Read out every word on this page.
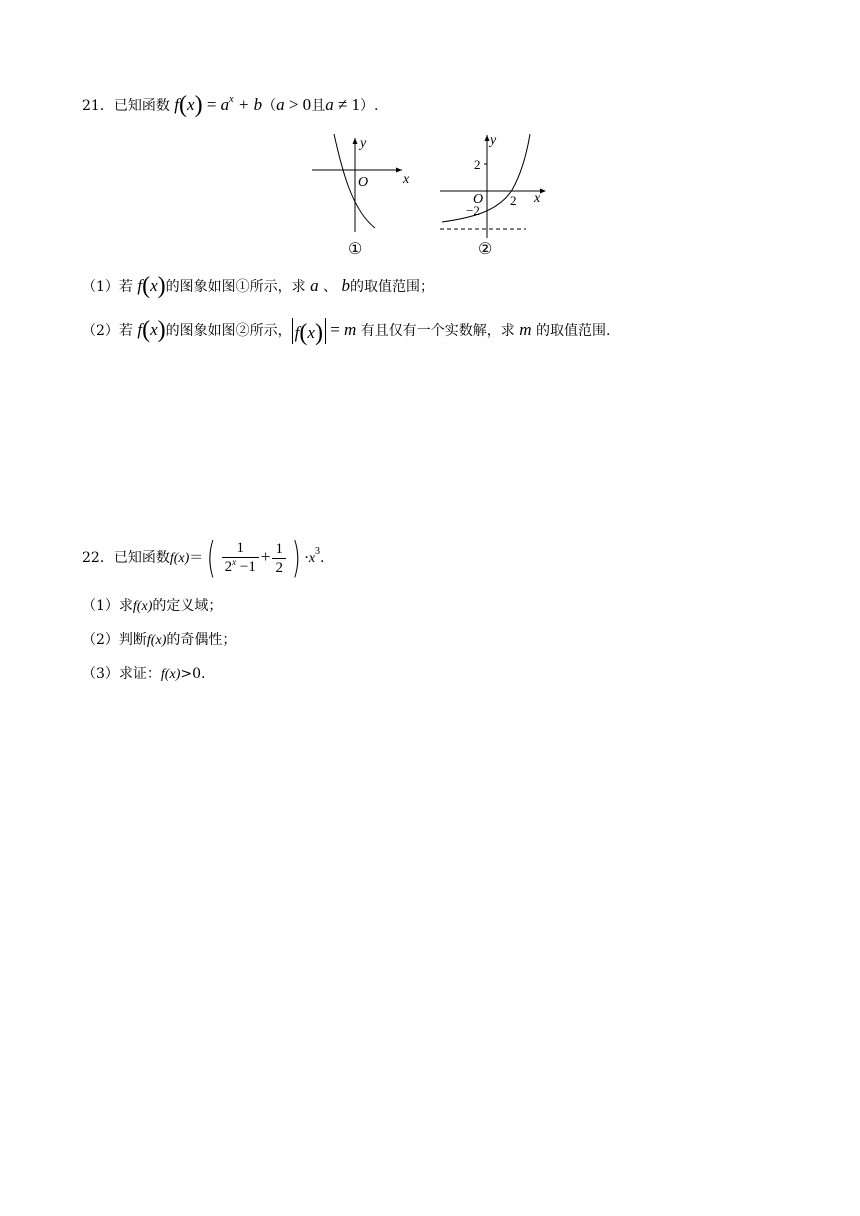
21．已知函数 $f(x) = a^x + b(a > 0$且a ≠ 1）.
y
x
O
①
y
x
2
O
−2
2
②
（1）若 f(x)的图象如图①所示，求 a 、 b的取值范围；
（2）若 f(x)的图象如图②所示， f(x) = m 有且仅有一个实数解，求 m 的取值范围.
22．已知函数$f(x)=( \frac{1}{2^x -1} + \frac{1}{2}$ ) $\cdot x^3$.
（1）求f(x)的定义域；
（2）判断f(x)的奇偶性；
（3）求证：f(x)>0.
